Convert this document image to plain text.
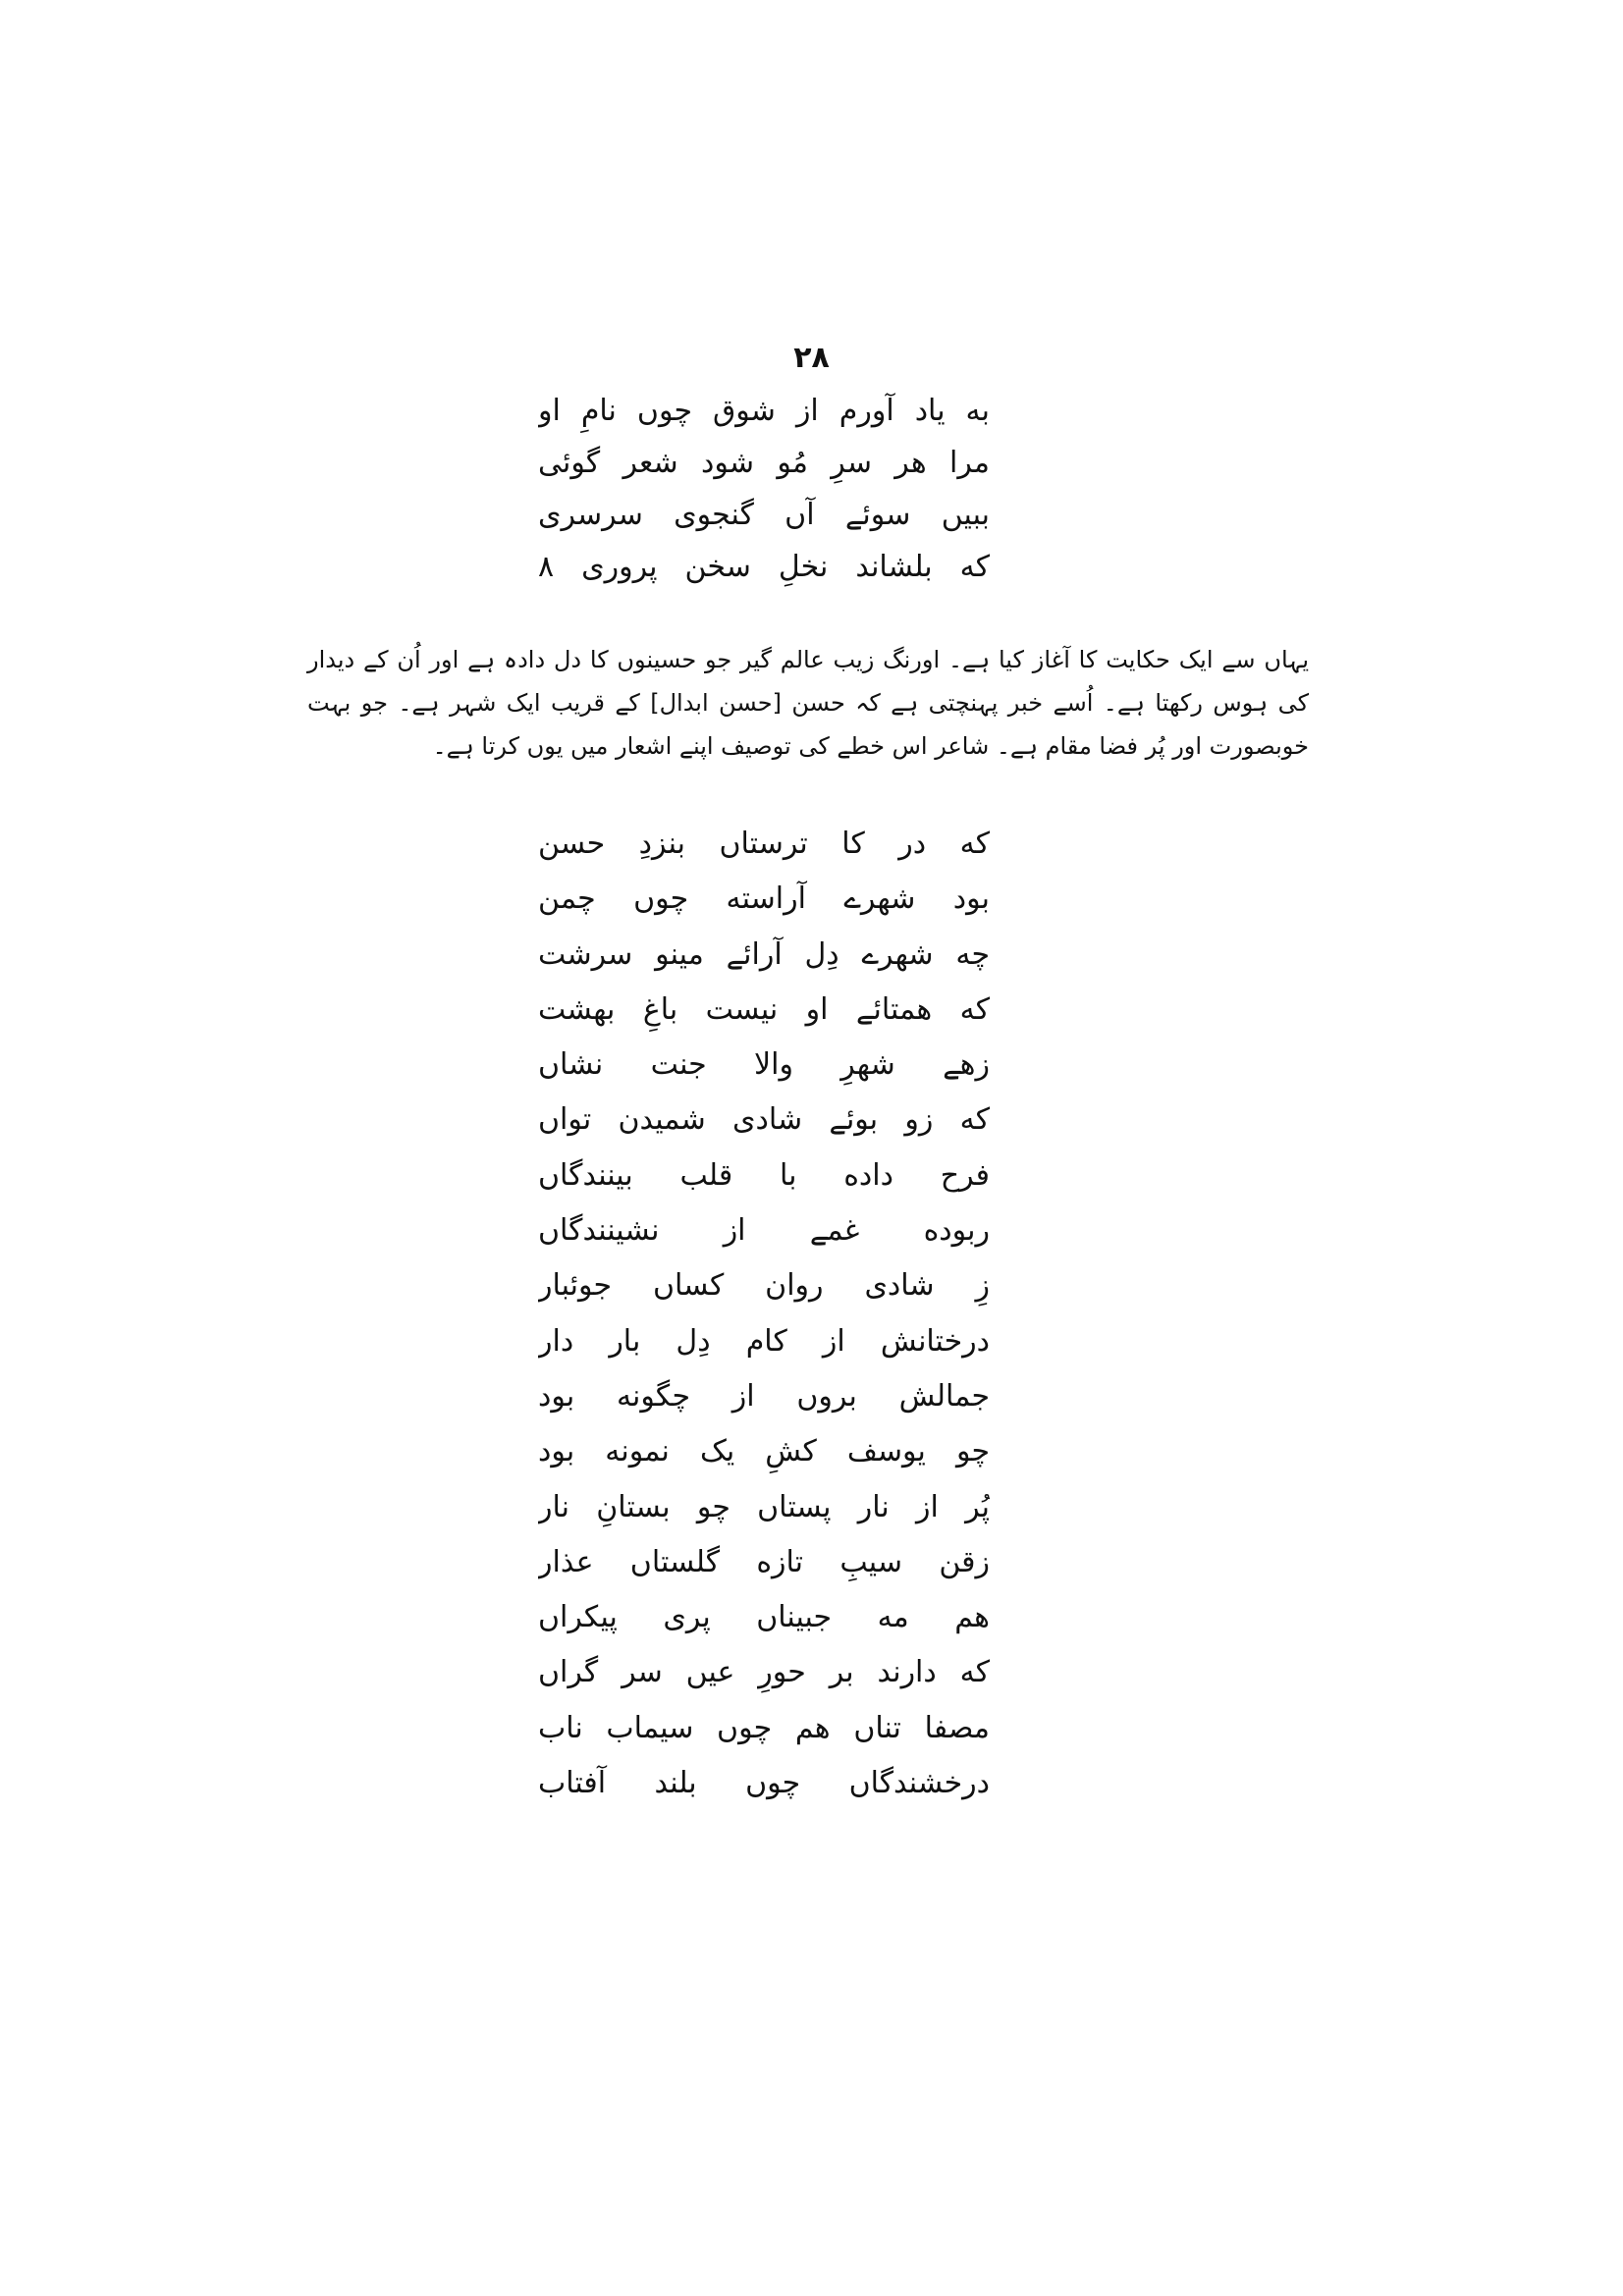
۲۸
به یاد آورم از شوق چوں نامِ او
مرا هر سرِ مُو شود شعر گوئی
ببیں سوئے آں گنجوی سرسری
که بلشاند نخلِ سخن پروری ۸

یہاں سے ایک حکایت کا آغاز کیا ہے۔ اورنگ زیب عالم گیر جو حسینوں کا دل دادہ ہے اور اُن کے دیدار کی ہوس رکھتا ہے۔ اُسے خبر پہنچتی ہے کہ حسن [حسن ابدال] کے قریب ایک شہر ہے۔ جو بہت خوبصورت اور پُر فضا مقام ہے۔ شاعر اس خطے کی توصیف اپنے اشعار میں یوں کرتا ہے۔

که در کا ترستاں بنزدِ حسن
بود شهرے آراسته چوں چمن
چه شهرے دِل آرائے مینو سرشت
که همتائے او نیست باغِ بهشت
زهے شهرِ والا جنت نشاں
که زو بوئے شادی شمیدن تواں
فرح داده با قلب بینندگاں
ربوده غمے از نشینندگاں
زِ شادی روان کساں جوئبار
درختانش از کام دِل بار دار
جمالش بروں از چگونه بود
چو یوسف کشِ یک نمونه بود
پُر از نار پستاں چو بستانِ نار
زقن سیبِ تازه گلستاں عذار
هم مه جبیناں پری پیکراں
که دارند بر حورِ عیں سر گراں
مصفا تناں هم چوں سیماب ناب
درخشندگاں چوں بلند آفتاب
